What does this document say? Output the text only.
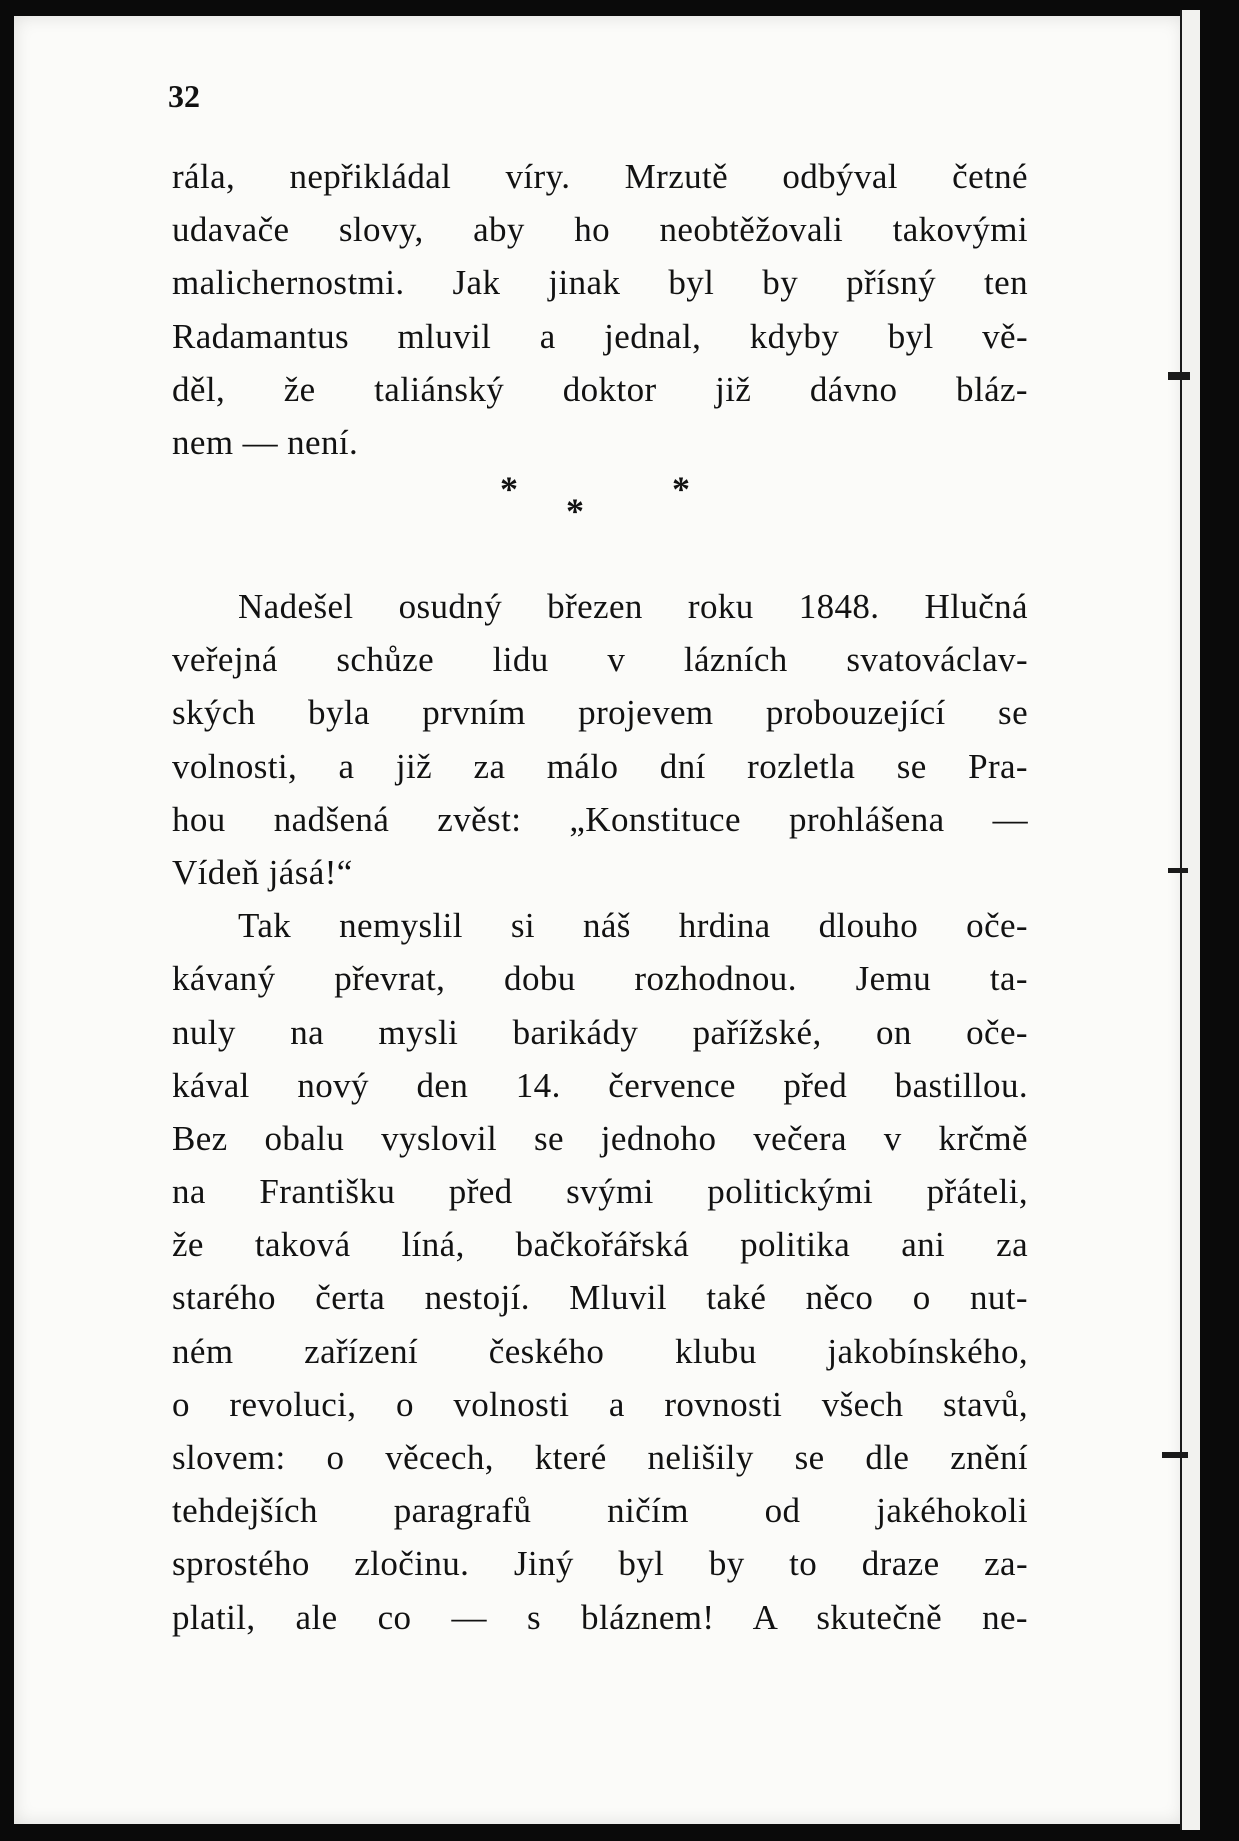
32
rála, nepřikládal víry. Mrzutě odbýval četné
udavače slovy, aby ho neobtěžovali takovými
malichernostmi. Jak jinak byl by přísný ten
Radamantus mluvil a jednal, kdyby byl vě-
děl, že taliánský doktor již dávno bláz-
nem — není.
*
*
*
Nadešel osudný březen roku 1848. Hlučná
veřejná schůze lidu v lázních svatováclav-
ských byla prvním projevem probouzející se
volnosti, a již za málo dní rozletla se Pra-
hou nadšená zvěst: „Konstituce prohlášena —
Vídeň jásá!“
Tak nemyslil si náš hrdina dlouho oče-
kávaný převrat, dobu rozhodnou. Jemu ta-
nuly na mysli barikády pařížské, on oče-
kával nový den 14. července před bastillou.
Bez obalu vyslovil se jednoho večera v krčmě
na Františku před svými politickými přáteli,
že taková líná, bačkořářská politika ani za
starého čerta nestojí. Mluvil také něco o nut-
ném zařízení českého klubu jakobínského,
o revoluci, o volnosti a rovnosti všech stavů,
slovem: o věcech, které nelišily se dle znění
tehdejších paragrafů ničím od jakéhokoli
sprostého zločinu. Jiný byl by to draze za-
platil, ale co — s bláznem! A skutečně ne-
